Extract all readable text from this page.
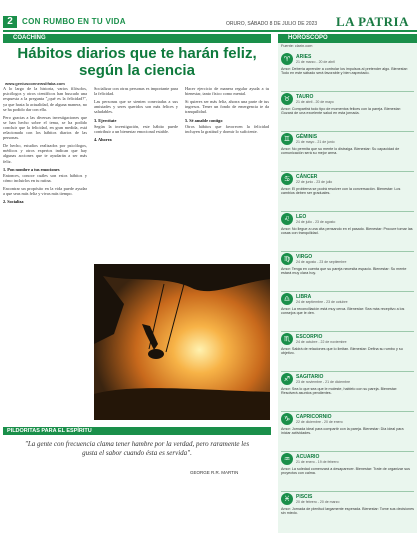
2	CON RUMBO EN TU VIDA	ORURO, SÁBADO 8 DE JULIO DE 2023 LA PATRIA
COACHING
Hábitos diarios que te harán feliz, según la ciencia
www.geniusconnewsllfaka.com

A lo largo de la historia, varios filósofos, psicólogos y otros científicos han buscado una respuesta a la pregunta "¿qué es la felicidad?", ya que hasta la actualidad, de alguna manera, no se ha podido dar con ella.

Pero gracias a las diversas investigaciones que se han hecho sobre el tema, se ha podido concluir que la felicidad, en gran medida, está relacionada con los hábitos diarios de las personas.

De hecho, estudios realizados por psicólogos, médicos y otros expertos indican que hay algunas acciones que te ayudarán a ser más feliz.

1. Pon nombre a tus emociones

Entonces, conoce cuáles son estos hábitos y cómo incluirlos en tu rutina.

Encontrar un propósito en la vida puede ayudar a que seas más feliz y vivas más tiempo.

2. Socializa

Socializar con otras personas es importante para la felicidad.

Las personas que se sienten conectadas a sus amistades y seres queridos son más felices y saludables.

3. Ejercítate

Según la investigación, este hábito puede contribuir a un bienestar emocional estable.

4. Ahorra

Hacer ejercicio de manera regular ayuda a tu bienestar, tanto físico como mental.

Si quieres ser más feliz, ahorra una parte de tus ingresos. Tener un fondo de emergencia te da tranquilidad.

5. Sé amable contigo

Otros hábitos que favorecen la felicidad incluyen la gratitud y dormir lo suficiente.

PILDORITAS PARA EL ESPÍRITU
"La gente con frecuencia clama tener hambre por la verdad, pero raramente les gusta el sabor cuando ésta es servida".
GEORGE R.R. MARTIN
HORÓSCOPO
Fuente: clarín.com
♈	ARIES
21 de marzo - 20 de abril
Amor: Debería aprender a controlar los impulsos al pretender algo. Bienestar: Todo en este sábado será favorable y bien aspectado.
♉	TAURO
21 de abril - 20 de mayo
Amor: Compartirá todo tipo de momentos felices con la pareja. Bienestar: Gozará de una excelente salud en esta jornada.
♊	GÉMINIS
21 de mayo - 21 de junio
Amor: No permita que su mente lo distraiga. Bienestar: Su capacidad de comunicación será su mejor arma.
♋	CÁNCER
22 de junio - 23 de julio
Amor: El problema se podrá resolver con la conversación. Bienestar: Los cambios deben ser graduales.
♌	LEO
24 de julio - 23 de agosto
Amor: No llegue a una cita pensando en el pasado. Bienestar: Procure tomar las cosas con tranquilidad.
♍	VIRGO
24 de agosto - 23 de septiembre
Amor: Tenga en cuenta que su pareja necesita espacio. Bienestar: Su mente estará muy clara hoy.
♎	LIBRA
24 de septiembre - 23 de octubre
Amor: La reconciliación está muy cerca. Bienestar: Sea más receptivo a los consejos que le den.
♏	ESCORPIO
24 de octubre - 22 de noviembre
Amor: Saldrá de relaciones que lo limitan. Bienestar: Defina su rumbo y su objetivo.
♐	SAGITARIO
23 de noviembre - 21 de diciembre
Amor: Sea lo que sea que le moleste, hablelo con su pareja. Bienestar: Resolverá asuntos pendientes.
♑	CAPRICORNIO
22 de diciembre - 20 de enero
Amor: Jornada ideal para compartir con la pareja. Bienestar: Día ideal para iniciar actividades.
♒	ACUARIO
21 de enero - 19 de febrero
Amor: La soledad comenzará a desaparecer. Bienestar: Trate de organizar sus proyectos con calma.
♓	PISCIS
20 de febrero - 20 de marzo
Amor: Jornada de plenitud largamente esperada. Bienestar: Tome sus decisiones sin miedo.
